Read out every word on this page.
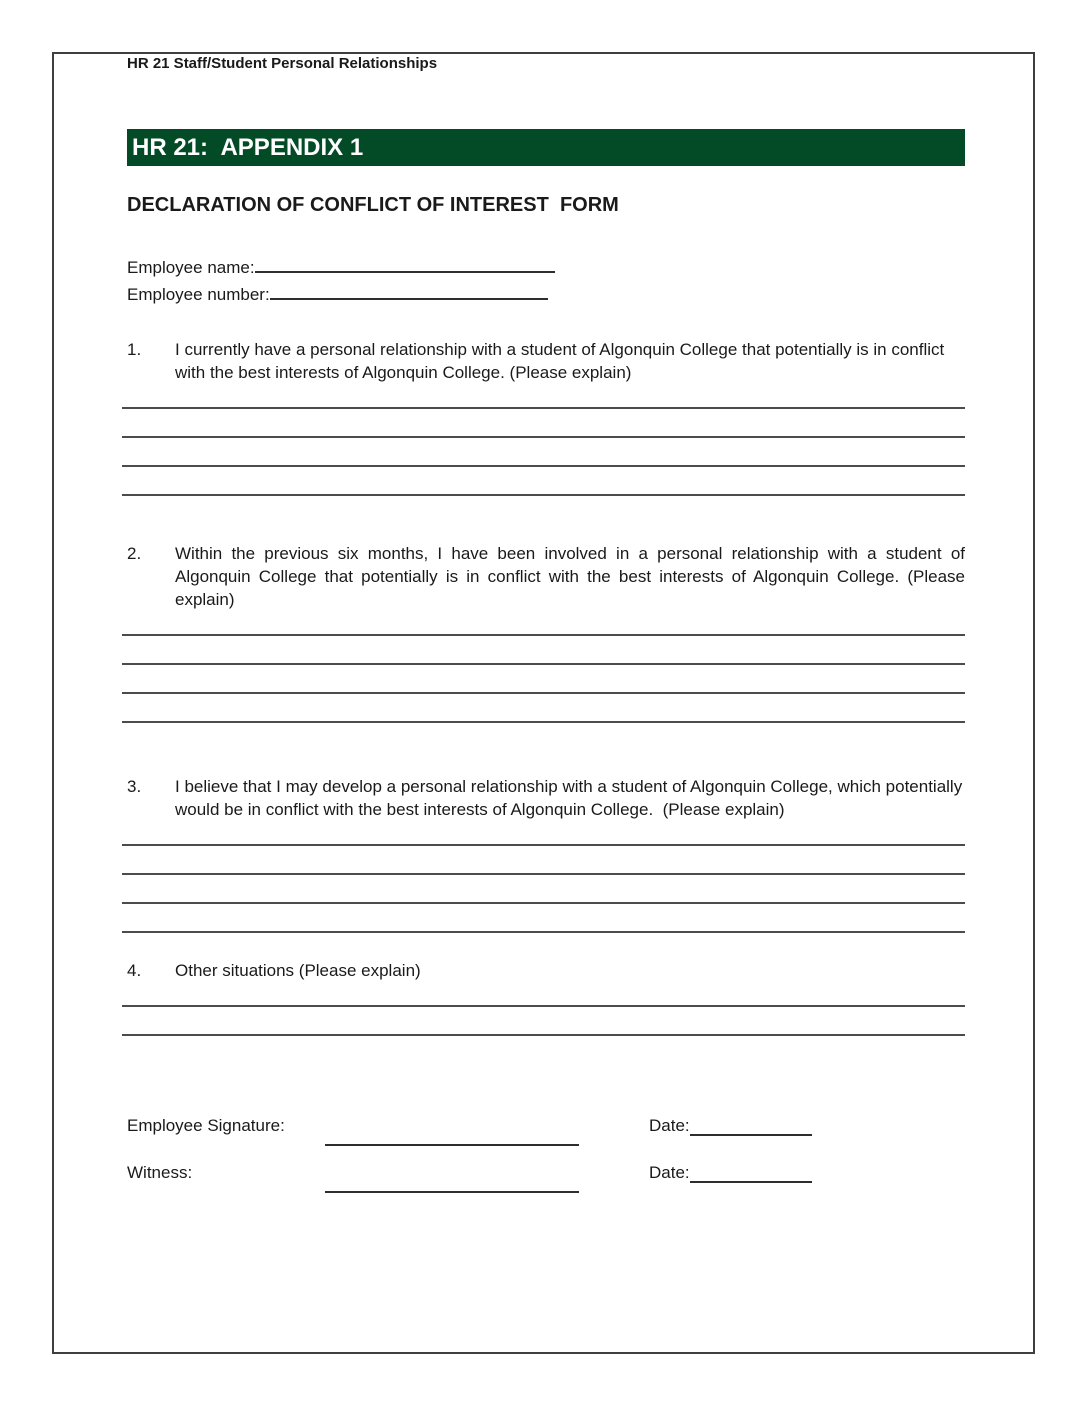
HR 21 Staff/Student Personal Relationships
HR 21:  APPENDIX 1
DECLARATION OF CONFLICT OF INTEREST  FORM
Employee name:
Employee number:
1.	I currently have a personal relationship with a student of Algonquin College that potentially is in conflict with the best interests of Algonquin College. (Please explain)
2.	Within the previous six months, I have been involved in a personal relationship with a student of Algonquin College that potentially is in conflict with the best interests of Algonquin College. (Please explain)
3.	I believe that I may develop a personal relationship with a student of Algonquin College, which potentially would be in conflict with the best interests of Algonquin College.  (Please explain)
4.	Other situations (Please explain)
Employee Signature:	Date:
Witness:	Date:
